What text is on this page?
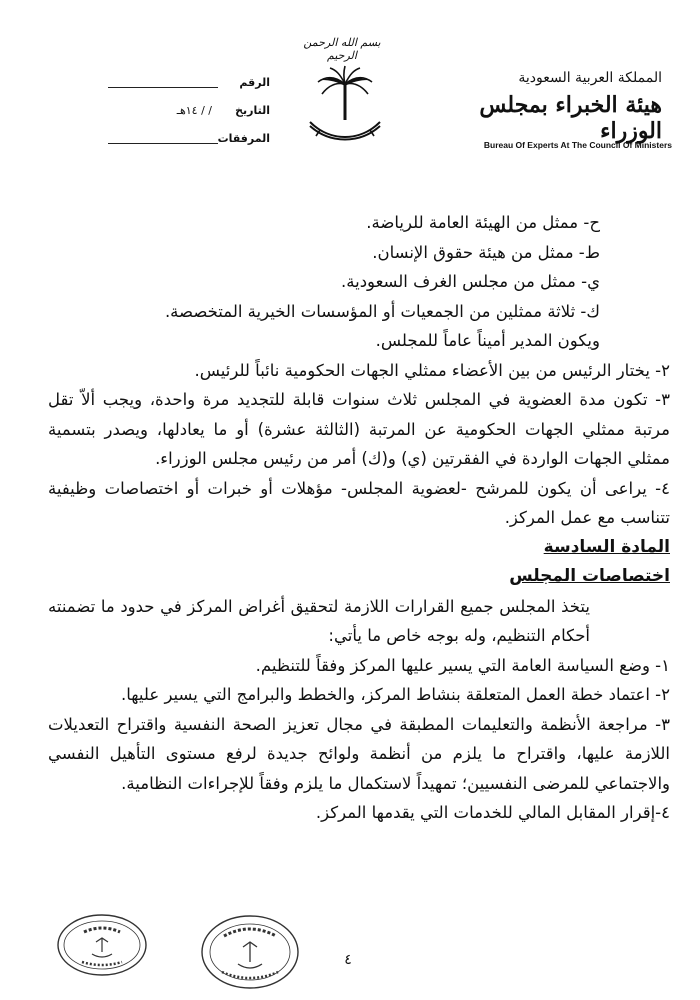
بسم الله الرحمن الرحيم
المملكة العربية السعودية
هيئة الخبراء بمجلس الوزراء
Bureau Of Experts At The Council Of Ministers
الرقم
التاريخ/ / ١٤هـ
المرفقات

ح- ممثل من الهيئة العامة للرياضة.

ط- ممثل من هيئة حقوق الإنسان.

ي- ممثل من مجلس الغرف السعودية.

ك- ثلاثة ممثلين من الجمعيات أو المؤسسات الخيرية المتخصصة.

ويكون المدير أميناً عاماً للمجلس.

٢- يختار الرئيس من بين الأعضاء ممثلي الجهات الحكومية نائباً للرئيس.

٣- تكون مدة العضوية في المجلس ثلاث سنوات قابلة للتجديد مرة واحدة، ويجب ألاّ تقل مرتبة ممثلي الجهات الحكومية عن المرتبة (الثالثة عشرة) أو ما يعادلها، ويصدر بتسمية ممثلي الجهات الواردة في الفقرتين (ي) و(ك) أمر من رئيس مجلس الوزراء.

٤- يراعى أن يكون للمرشح -لعضوية المجلس- مؤهلات أو خبرات أو اختصاصات وظيفية تتناسب مع عمل المركز.

المادة السادسة

اختصاصات المجلس

يتخذ المجلس جميع القرارات اللازمة لتحقيق أغراض المركز في حدود ما تضمنته أحكام التنظيم، وله بوجه خاص ما يأتي:

١- وضع السياسة العامة التي يسير عليها المركز وفقاً للتنظيم.

٢- اعتماد خطة العمل المتعلقة بنشاط المركز، والخطط والبرامج التي يسير عليها.

٣- مراجعة الأنظمة والتعليمات المطبقة في مجال تعزيز الصحة النفسية واقتراح التعديلات اللازمة عليها، واقتراح ما يلزم من أنظمة ولوائح جديدة لرفع مستوى التأهيل النفسي والاجتماعي للمرضى النفسيين؛ تمهيداً لاستكمال ما يلزم وفقاً للإجراءات النظامية.

٤-إقرار المقابل المالي للخدمات التي يقدمها المركز.

٤
